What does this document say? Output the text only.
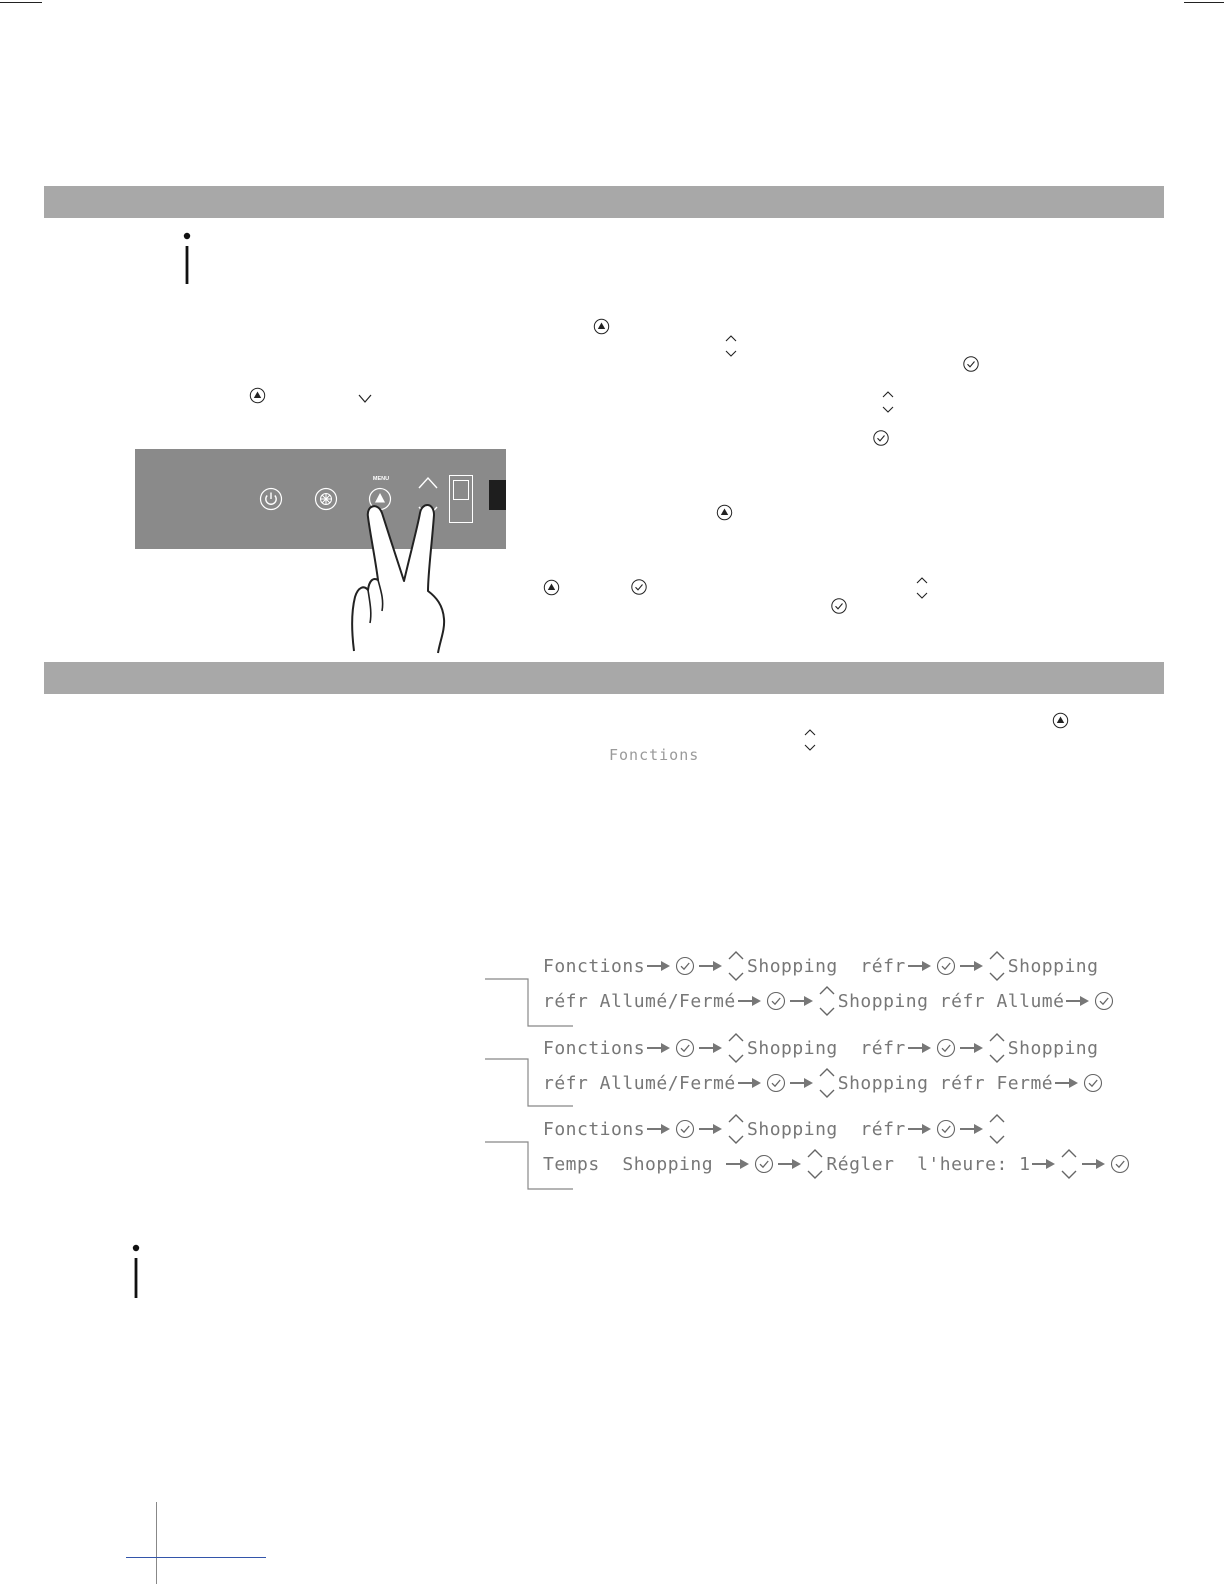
MENU
Fonctions
Fonctions	Shopping  réfr	Shopping
réfr Allumé/Fermé	Shopping réfr Allumé
Fonctions	Shopping  réfr	Shopping
réfr Allumé/Fermé	Shopping réfr Fermé
Fonctions	Shopping  réfr
Temps  Shopping	Régler  l'heure: 1
